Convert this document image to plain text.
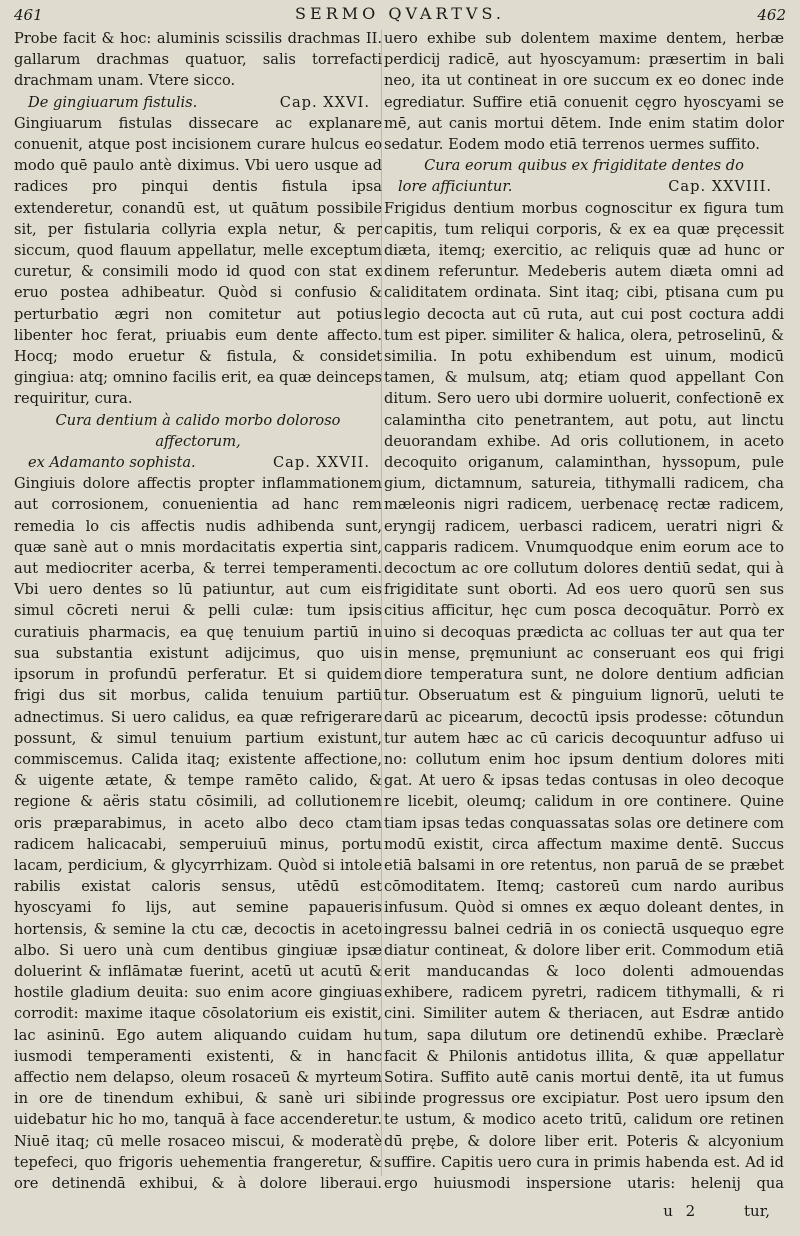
461	SERMO QVARTVS.	462

Probe facit & hoc: aluminis scissilis drachmas II. gallarum drachmas quatuor, salis torrefacti drachmam unam. Vtere sicco.

De gingiuarum fistulis.	Cap. XXVI.

Gingiuarum fistulas dissecare ac explanare conuenit, atque post incisionem curare hulcus eo modo quē paulo antè diximus. Vbi uero usque ad radices pro pinqui dentis fistula ipsa extenderetur, conandū est, ut quātum possibile sit, per fistularia collyria expla netur, & per siccum, quod flauum appellatur, melle exceptum curetur, & consimili modo id quod con stat ex eruo postea adhibeatur. Quòd si confusio & perturbatio ægri non comitetur aut potius libenter hoc ferat, priuabis eum dente affecto. Hocq; modo eruetur & fistula, & considet gingiua: atq; omnino facilis erit, ea quæ deinceps requiritur, cura.

Cura dentium à calido morbo doloroso affectorum,
ex Adamanto sophista.	Cap. XXVII.

Gingiuis dolore affectis propter inflammationem aut corrosionem, conuenientia ad hanc rem remedia lo cis affectis nudis adhibenda sunt, quæ sanè aut o mnis mordacitatis expertia sint, aut mediocriter acerba, & terrei temperamenti. Vbi uero dentes so lū patiuntur, aut cum eis simul cōcreti nerui & pelli culæ: tum ipsis curatiuis pharmacis, ea quę tenuium partiū in sua substantia existunt adijcimus, quo uis ipsorum in profundū perferatur. Et si quidem frigi dus sit morbus, calida tenuium partiū adnectimus. Si uero calidus, ea quæ refrigerare possunt, & simul tenuium partium existunt, commiscemus. Calida itaq; existente affectione, & uigente ætate, & tempe ramēto calido, & regione & aëris statu cōsimili, ad collutionem oris præparabimus, in aceto albo deco ctam radicem halicacabi, semperuiuū minus, portu lacam, perdicium, & glycyrrhizam. Quòd si intole rabilis existat caloris sensus, utēdū est hyoscyami fo lijs, aut semine papaueris hortensis, & semine la ctu cæ, decoctis in aceto albo. Si uero unà cum dentibus gingiuæ ipsæ doluerint & inflāmatæ fuerint, acetū ut acutū & hostile gladium deuita: suo enim acore gingiuas corrodit: maxime itaque cōsolatorium eis existit, lac asininū. Ego autem aliquando cuidam hu iusmodi temperamenti existenti, & in hanc affectio nem delapso, oleum rosaceū & myrteum in ore de tinendum exhibui, & sanè uri sibi uidebatur hic ho mo, tanquā à face accenderetur. Niuē itaq; cū melle rosaceo miscui, & moderatè tepefeci, quo frigoris uehementia frangeretur, & ore detinendā exhibui, & à dolore liberaui.

uero exhibe sub dolentem maxime dentem, herbæ perdicij radicē, aut hyoscyamum: præsertim in bali neo, ita ut contineat in ore succum ex eo donec inde egrediatur. Suffire etiā conuenit cęgro hyoscyami se mē, aut canis mortui dētem. Inde enim statim dolor sedatur. Eodem modo etiā terrenos uermes suffito.

Cura eorum quibus ex frigiditate dentes do
lore afficiuntur.	Cap. XXVIII.

Frigidus dentium morbus cognoscitur ex figura tum capitis, tum reliqui corporis, & ex ea quæ pręcessit diæta, itemq; exercitio, ac reliquis quæ ad hunc or dinem referuntur. Medeberis autem diæta omni ad caliditatem ordinata. Sint itaq; cibi, ptisana cum pu legio decocta aut cū ruta, aut cui post coctura addi tum est piper. similiter & halica, olera, petroselinū, & similia. In potu exhibendum est uinum, modicū tamen, & mulsum, atq; etiam quod appellant Con ditum. Sero uero ubi dormire uoluerit, confectionē ex calamintha cito penetrantem, aut potu, aut linctu deuorandam exhibe. Ad oris collutionem, in aceto decoquito origanum, calaminthan, hyssopum, pule gium, dictamnum, satureia, tithymalli radicem, cha mæleonis nigri radicem, uerbenacę rectæ radicem, eryngij radicem, uerbasci radicem, ueratri nigri & capparis radicem. Vnumquodque enim eorum ace to decoctum ac ore collutum dolores dentiū sedat, qui à frigiditate sunt oborti. Ad eos uero quorū sen sus citius afficitur, hęc cum posca decoquātur. Porrò ex uino si decoquas prædicta ac colluas ter aut qua ter in mense, pręmuniunt ac conseruant eos qui frigi diore temperatura sunt, ne dolore dentium adfician tur. Obseruatum est & pinguium lignorū, ueluti te darū ac picearum, decoctū ipsis prodesse: cōtundun tur autem hæc ac cū caricis decoquuntur adfuso ui no: collutum enim hoc ipsum dentium dolores miti gat. At uero & ipsas tedas contusas in oleo decoque re licebit, oleumq; calidum in ore continere. Quine tiam ipsas tedas conquassatas solas ore detinere com modū existit, circa affectum maxime dentē. Succus etiā balsami in ore retentus, non paruā de se præbet cōmoditatem. Itemq; castoreū cum nardo auribus infusum. Quòd si omnes ex æquo doleant dentes, in ingressu balnei cedriā in os coniectā usquequo egre diatur contineat, & dolore liber erit. Commodum etiā erit manducandas & loco dolenti admouendas exhibere, radicem pyretri, radicem tithymalli, & ri cini. Similiter autem & theriacen, aut Esdræ antido tum, sapa dilutum ore detinendū exhibe. Præclarè facit & Philonis antidotus illita, & quæ appellatur Sotira. Suffito autē canis mortui dentē, ita ut fumus inde progressus ore excipiatur. Post uero ipsum den te ustum, & modico aceto tritū, calidum ore retinen dū prębe, & dolore liber erit. Poteris & alcyonium suffire. Capitis uero cura in primis habenda est. Ad id ergo huiusmodi inspersione utaris: helenij qua

u 2	tur,
